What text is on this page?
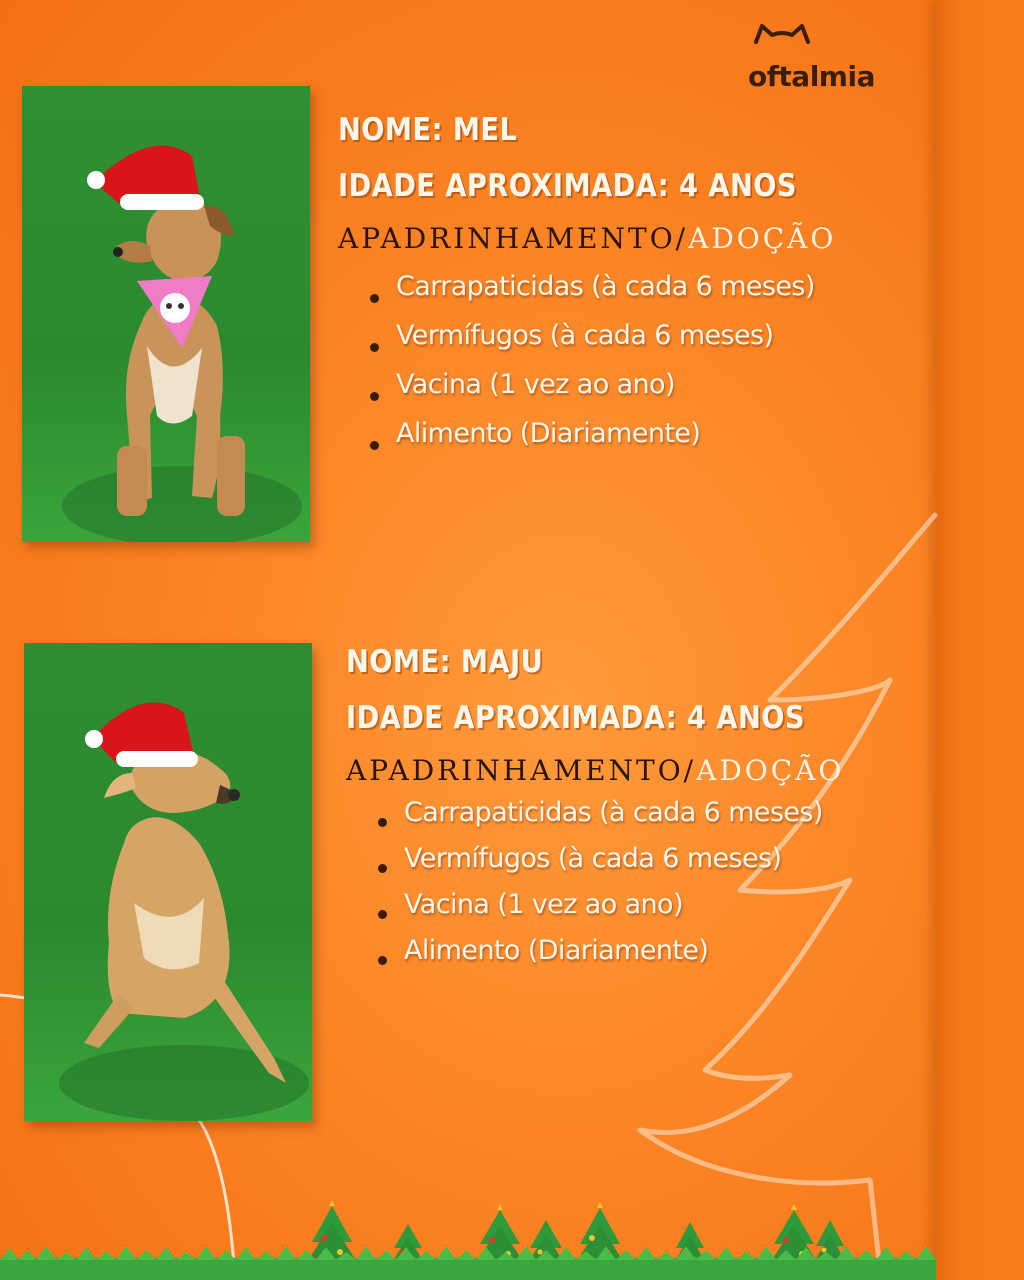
oftalmia
NOME: MEL
IDADE APROXIMADA: 4 ANOS
APADRINHAMENTO/ADOÇÃO
Carrapaticidas (à cada 6 meses)
Vermífugos (à cada 6 meses)
Vacina (1 vez ao ano)
Alimento (Diariamente)
NOME: MAJU
IDADE APROXIMADA: 4 ANOS
APADRINHAMENTO/ADOÇÃO
Carrapaticidas (à cada 6 meses)
Vermífugos (à cada 6 meses)
Vacina (1 vez ao ano)
Alimento (Diariamente)
